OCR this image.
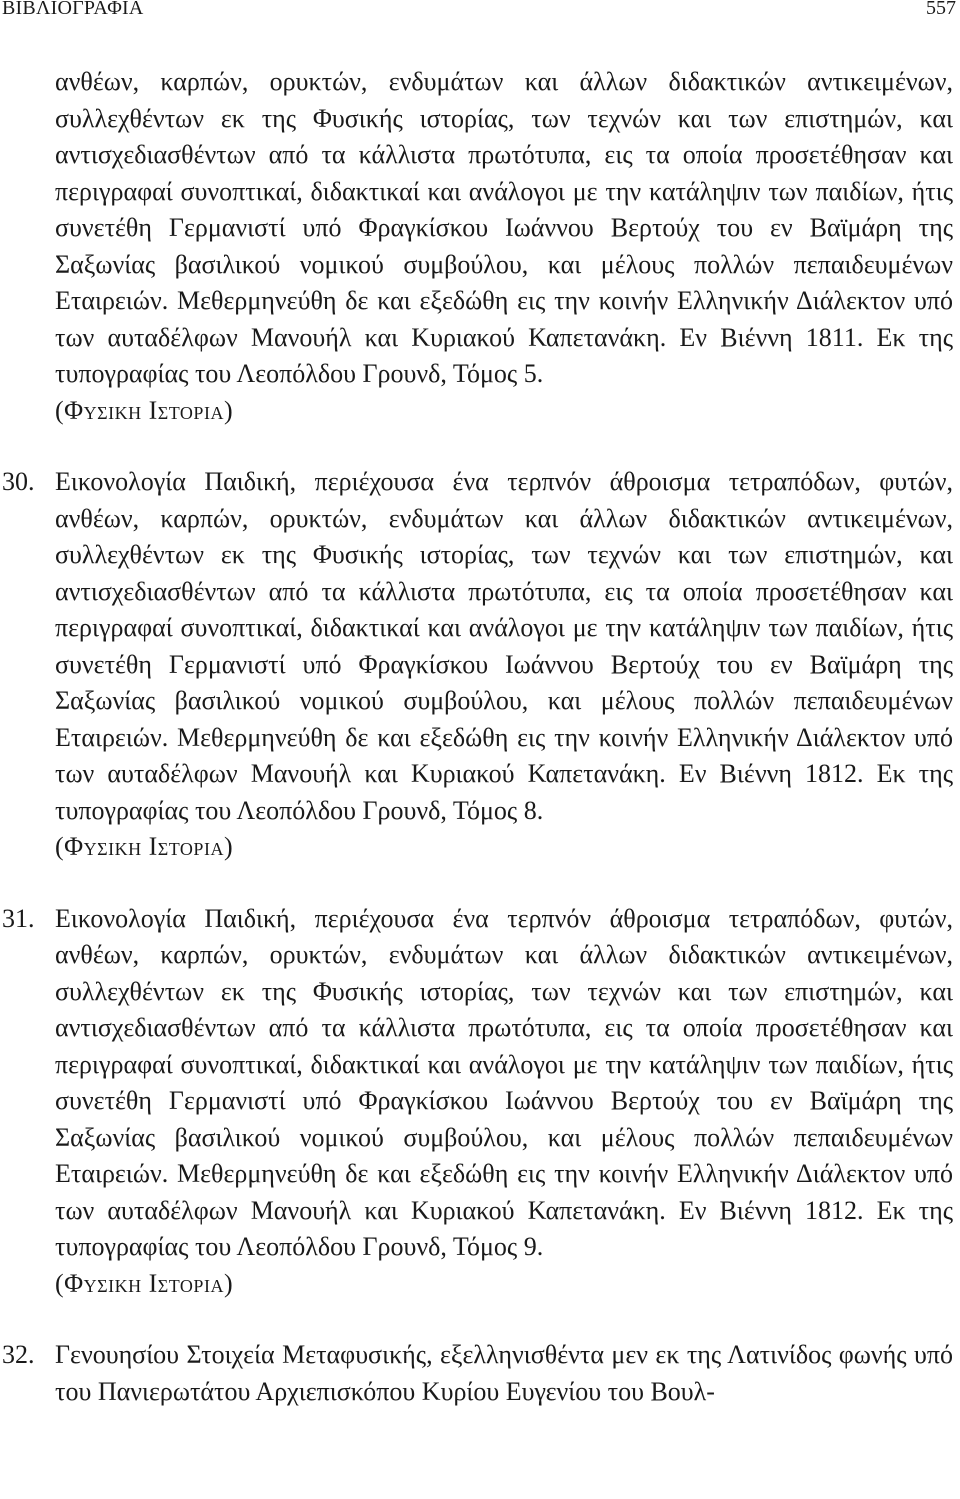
ΒΙΒΛΙΟΓΡΑΦΙΑ	557
ανθέων, καρπών, ορυκτών, ενδυμάτων και άλλων διδακτικών αντικειμένων, συλλεχθέντων εκ της Φυσικής ιστορίας, των τεχνών και των επιστημών, και αντισχεδιασθέντων από τα κάλλιστα πρωτότυπα, εις τα οποία προσετέθησαν και περιγραφαί συνοπτικαί, διδακτικαί και ανάλογοι με την κατάληψιν των παιδίων, ήτις συνετέθη Γερμανιστί υπό Φραγκίσκου Ιωάννου Βερτούχ του εν Βαϊμάρη της Σαξωνίας βασιλικού νομικού συμβούλου, και μέλους πολλών πεπαιδευμένων Εταιρειών. Μεθερμηνεύθη δε και εξεδώθη εις την κοινήν Ελληνικήν Διάλεκτον υπό των αυταδέλφων Μανουήλ και Κυριακού Καπετανάκη. Εν Βιέννη 1811. Εκ της τυπογραφίας του Λεοπόλδου Γρουνδ, Τόμος 5.
(Φυσικη Ιστορια)
30. Εικονολογία Παιδική, περιέχουσα ένα τερπνόν άθροισμα τετραπόδων, φυτών, ανθέων, καρπών, ορυκτών, ενδυμάτων και άλλων διδακτικών αντικειμένων, συλλεχθέντων εκ της Φυσικής ιστορίας, των τεχνών και των επιστημών, και αντισχεδιασθέντων από τα κάλλιστα πρωτότυπα, εις τα οποία προσετέθησαν και περιγραφαί συνοπτικαί, διδακτικαί και ανάλογοι με την κατάληψιν των παιδίων, ήτις συνετέθη Γερμανιστί υπό Φραγκίσκου Ιωάννου Βερτούχ του εν Βαϊμάρη της Σαξωνίας βασιλικού νομικού συμβούλου, και μέλους πολλών πεπαιδευμένων Εταιρειών. Μεθερμηνεύθη δε και εξεδώθη εις την κοινήν Ελληνικήν Διάλεκτον υπό των αυταδέλφων Μανουήλ και Κυριακού Καπετανάκη. Εν Βιέννη 1812. Εκ της τυπογραφίας του Λεοπόλδου Γρουνδ, Τόμος 8.
(Φυσικη Ιστορια)
31. Εικονολογία Παιδική, περιέχουσα ένα τερπνόν άθροισμα τετραπόδων, φυτών, ανθέων, καρπών, ορυκτών, ενδυμάτων και άλλων διδακτικών αντικειμένων, συλλεχθέντων εκ της Φυσικής ιστορίας, των τεχνών και των επιστημών, και αντισχεδιασθέντων από τα κάλλιστα πρωτότυπα, εις τα οποία προσετέθησαν και περιγραφαί συνοπτικαί, διδακτικαί και ανάλογοι με την κατάληψιν των παιδίων, ήτις συνετέθη Γερμανιστί υπό Φραγκίσκου Ιωάννου Βερτούχ του εν Βαϊμάρη της Σαξωνίας βασιλικού νομικού συμβούλου, και μέλους πολλών πεπαιδευμένων Εταιρειών. Μεθερμηνεύθη δε και εξεδώθη εις την κοινήν Ελληνικήν Διάλεκτον υπό των αυταδέλφων Μανουήλ και Κυριακού Καπετανάκη. Εν Βιέννη 1812. Εκ της τυπογραφίας του Λεοπόλδου Γρουνδ, Τόμος 9.
(Φυσικη Ιστορια)
32. Γενουησίου Στοιχεία Μεταφυσικής, εξελληνισθέντα μεν εκ της Λατινίδος φωνής υπό του Πανιερωτάτου Αρχιεπισκόπου Κυρίου Ευγενίου του Βουλ-
